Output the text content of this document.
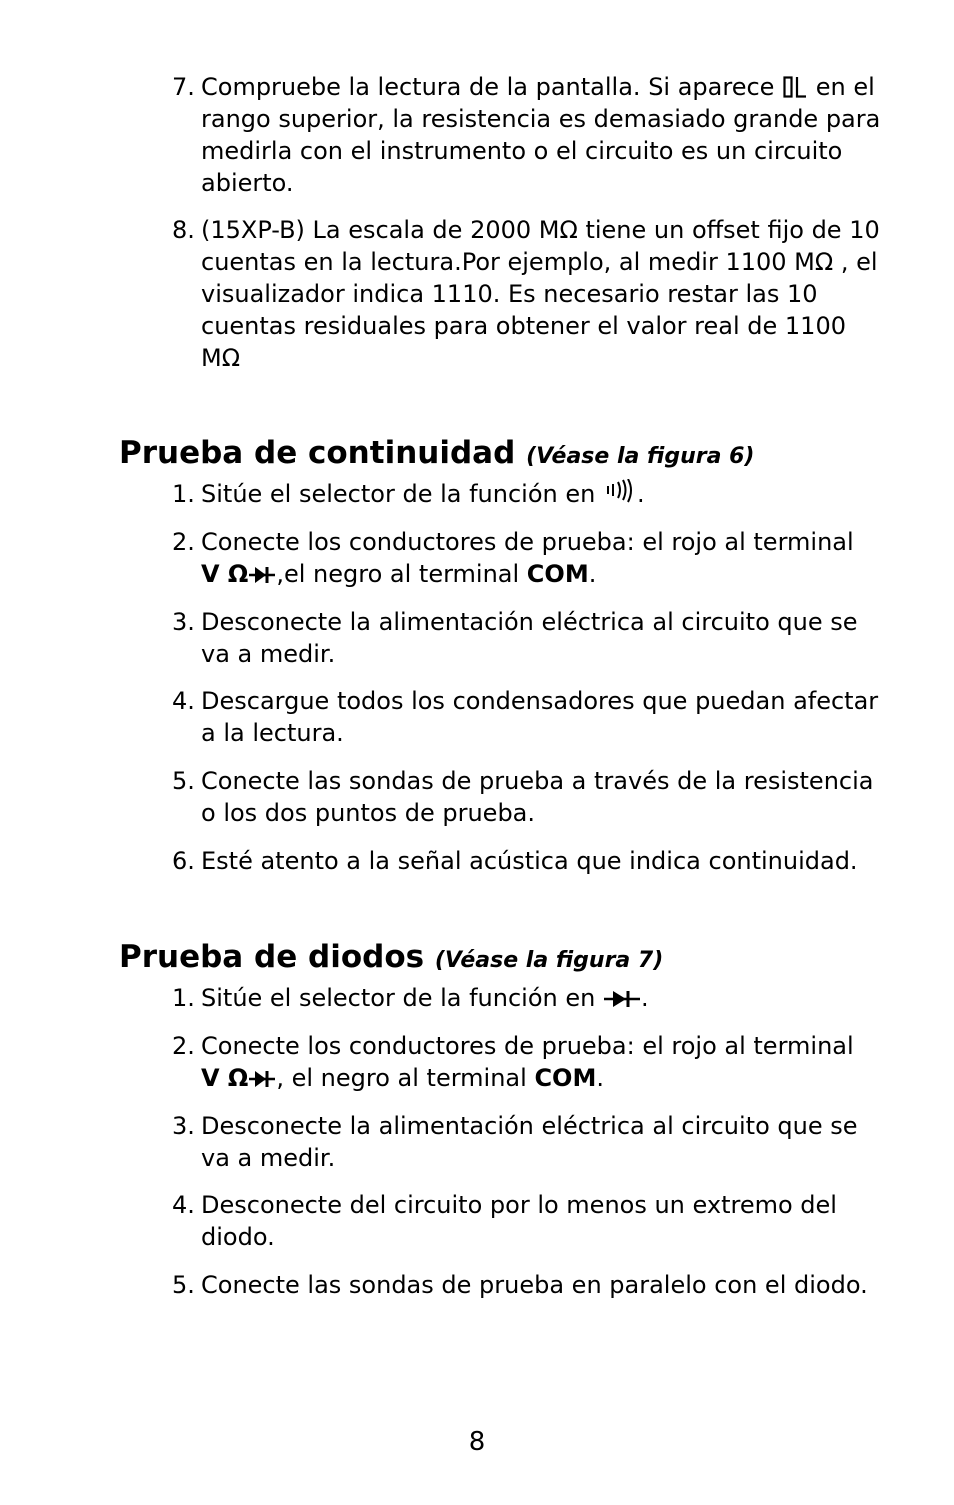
7. Compruebe la lectura de la pantalla. Si aparece en el rango superior, la resistencia es demasiado grande para medirla con el instrumento o el circuito es un circuito abierto.
8. (15XP-B) La escala de 2000 MΩ tiene un offset fijo de 10 cuentas en la lectura.Por ejemplo, al medir 1100 MΩ , el visualizador indica 1110. Es necesario restar las 10 cuentas residuales para obtener el valor real de 1100 MΩ
Prueba de continuidad (Véase la figura 6)
1. Sitúe el selector de la función en .
2. Conecte los conductores de prueba: el rojo al terminal
V Ω ,el negro al terminal COM.
3. Desconecte la alimentación eléctrica al circuito que se va a medir.
4. Descargue todos los condensadores que puedan afectar a la lectura.
5. Conecte las sondas de prueba a través de la resistencia o los dos puntos de prueba.
6. Esté atento a la señal acústica que indica continuidad.
Prueba de diodos (Véase la figura 7)
1. Sitúe el selector de la función en .
2. Conecte los conductores de prueba: el rojo al terminal
V Ω , el negro al terminal COM.
3. Desconecte la alimentación eléctrica al circuito que se va a medir.
4. Desconecte del circuito por lo menos un extremo del diodo.
5. Conecte las sondas de prueba en paralelo con el diodo.
8
